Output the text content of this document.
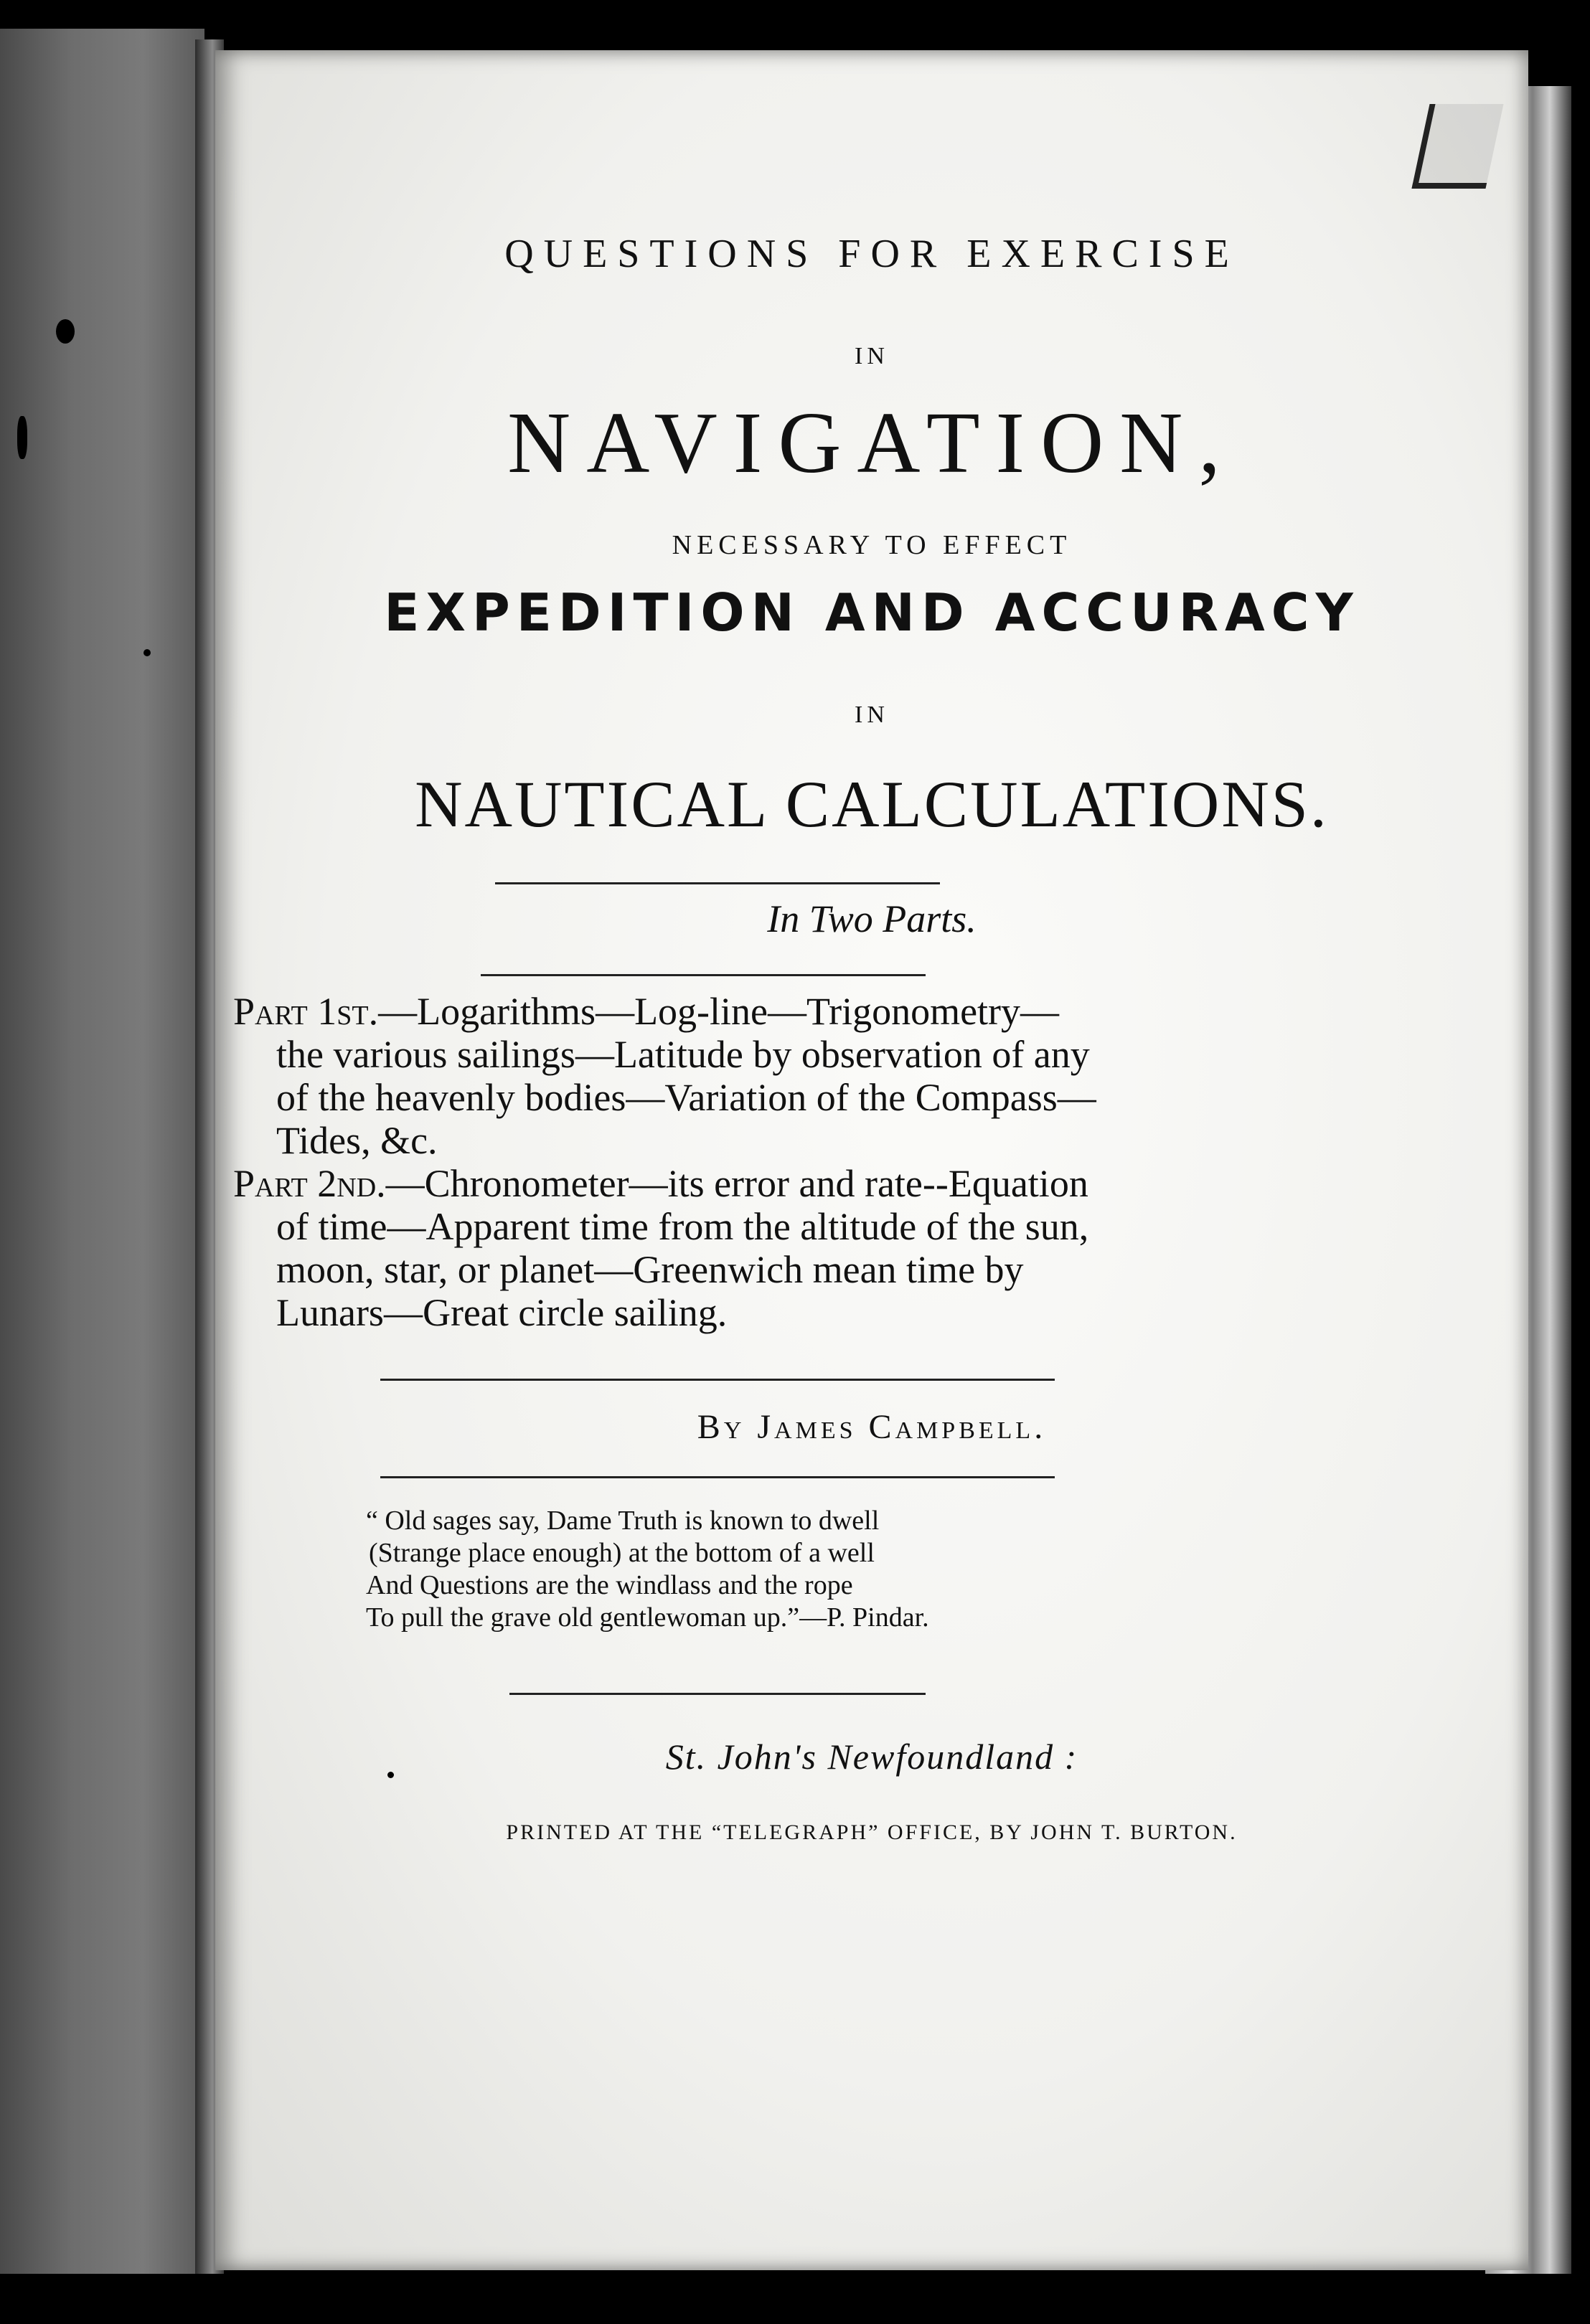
QUESTIONS FOR EXERCISE

IN

NAVIGATION,

NECESSARY TO EFFECT

EXPEDITION AND ACCURACY

IN

NAUTICAL CALCULATIONS.

In Two Parts.

Part 1st.—Logarithms—Log-line—Trigonometry—
the various sailings—Latitude by observation of any
of the heavenly bodies—Variation of the Compass—
Tides, &c.

Part 2nd.—Chronometer—its error and rate--Equation
of time—Apparent time from the altitude of the sun,
moon, star, or planet—Greenwich mean time by
Lunars—Great circle sailing.

By James Campbell.

“ Old sages say, Dame Truth is known to dwell
(Strange place enough) at the bottom of a well
And Questions are the windlass and the rope
To pull the grave old gentlewoman up.”—P. Pindar.

St. John's Newfoundland :

PRINTED AT THE “TELEGRAPH” OFFICE, BY JOHN T. BURTON.
